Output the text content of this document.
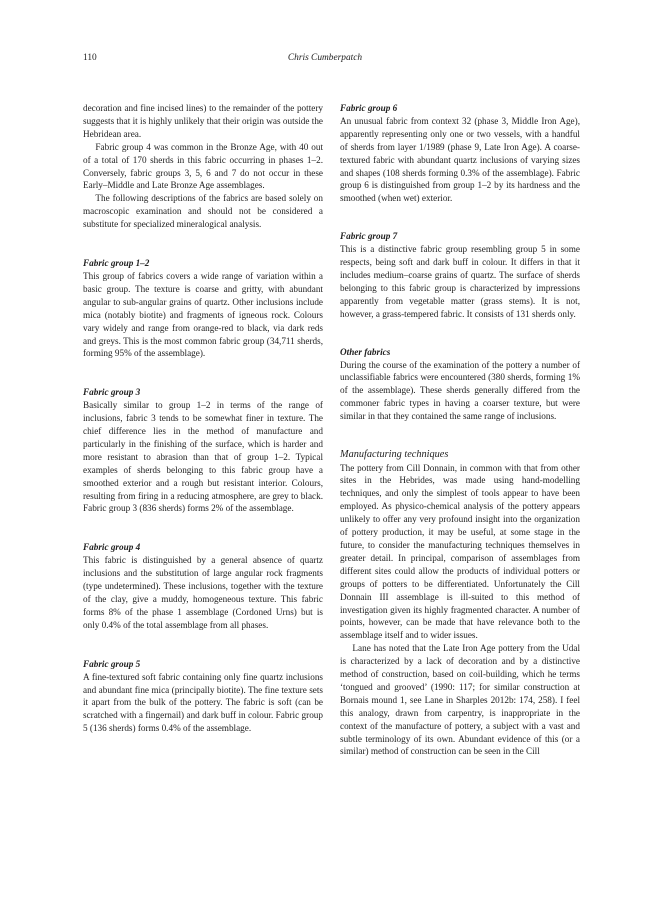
110	Chris Cumberpatch

decoration and fine incised lines) to the remainder of the pottery suggests that it is highly unlikely that their origin was outside the Hebridean area.

Fabric group 4 was common in the Bronze Age, with 40 out of a total of 170 sherds in this fabric occurring in phases 1–2. Conversely, fabric groups 3, 5, 6 and 7 do not occur in these Early–Middle and Late Bronze Age assemblages.

The following descriptions of the fabrics are based solely on macroscopic examination and should not be considered a substitute for specialized mineralogical analysis.

Fabric group 1–2

This group of fabrics covers a wide range of variation within a basic group. The texture is coarse and gritty, with abundant angular to sub-angular grains of quartz. Other inclusions include mica (notably biotite) and fragments of igneous rock. Colours vary widely and range from orange-red to black, via dark reds and greys. This is the most common fabric group (34,711 sherds, forming 95% of the assemblage).

Fabric group 3

Basically similar to group 1–2 in terms of the range of inclusions, fabric 3 tends to be somewhat finer in texture. The chief difference lies in the method of manufacture and particularly in the finishing of the surface, which is harder and more resistant to abrasion than that of group 1–2. Typical examples of sherds belonging to this fabric group have a smoothed exterior and a rough but resistant interior. Colours, resulting from firing in a reducing atmosphere, are grey to black. Fabric group 3 (836 sherds) forms 2% of the assemblage.

Fabric group 4

This fabric is distinguished by a general absence of quartz inclusions and the substitution of large angular rock fragments (type undetermined). These inclusions, together with the texture of the clay, give a muddy, homogeneous texture. This fabric forms 8% of the phase 1 assemblage (Cordoned Urns) but is only 0.4% of the total assemblage from all phases.

Fabric group 5

A fine-textured soft fabric containing only fine quartz inclusions and abundant fine mica (principally biotite). The fine texture sets it apart from the bulk of the pottery. The fabric is soft (can be scratched with a fingernail) and dark buff in colour. Fabric group 5 (136 sherds) forms 0.4% of the assemblage.

Fabric group 6

An unusual fabric from context 32 (phase 3, Middle Iron Age), apparently representing only one or two vessels, with a handful of sherds from layer 1/1989 (phase 9, Late Iron Age). A coarse-textured fabric with abundant quartz inclusions of varying sizes and shapes (108 sherds forming 0.3% of the assemblage). Fabric group 6 is distinguished from group 1–2 by its hardness and the smoothed (when wet) exterior.

Fabric group 7

This is a distinctive fabric group resembling group 5 in some respects, being soft and dark buff in colour. It differs in that it includes medium–coarse grains of quartz. The surface of sherds belonging to this fabric group is characterized by impressions apparently from vegetable matter (grass stems). It is not, however, a grass-tempered fabric. It consists of 131 sherds only.

Other fabrics

During the course of the examination of the pottery a number of unclassifiable fabrics were encountered (380 sherds, forming 1% of the assemblage). These sherds generally differed from the commoner fabric types in having a coarser texture, but were similar in that they contained the same range of inclusions.

Manufacturing techniques

The pottery from Cill Donnain, in common with that from other sites in the Hebrides, was made using hand-modelling techniques, and only the simplest of tools appear to have been employed. As physico-chemical analysis of the pottery appears unlikely to offer any very profound insight into the organization of pottery production, it may be useful, at some stage in the future, to consider the manufacturing techniques themselves in greater detail. In principal, comparison of assemblages from different sites could allow the products of individual potters or groups of potters to be differentiated. Unfortunately the Cill Donnain III assemblage is ill-suited to this method of investigation given its highly fragmented character. A number of points, however, can be made that have relevance both to the assemblage itself and to wider issues.

Lane has noted that the Late Iron Age pottery from the Udal is characterized by a lack of decoration and by a distinctive method of construction, based on coil-building, which he terms ‘tongued and grooved’ (1990: 117; for similar construction at Bornais mound 1, see Lane in Sharples 2012b: 174, 258). I feel this analogy, drawn from carpentry, is inappropriate in the context of the manufacture of pottery, a subject with a vast and subtle terminology of its own. Abundant evidence of this (or a similar) method of construction can be seen in the Cill
